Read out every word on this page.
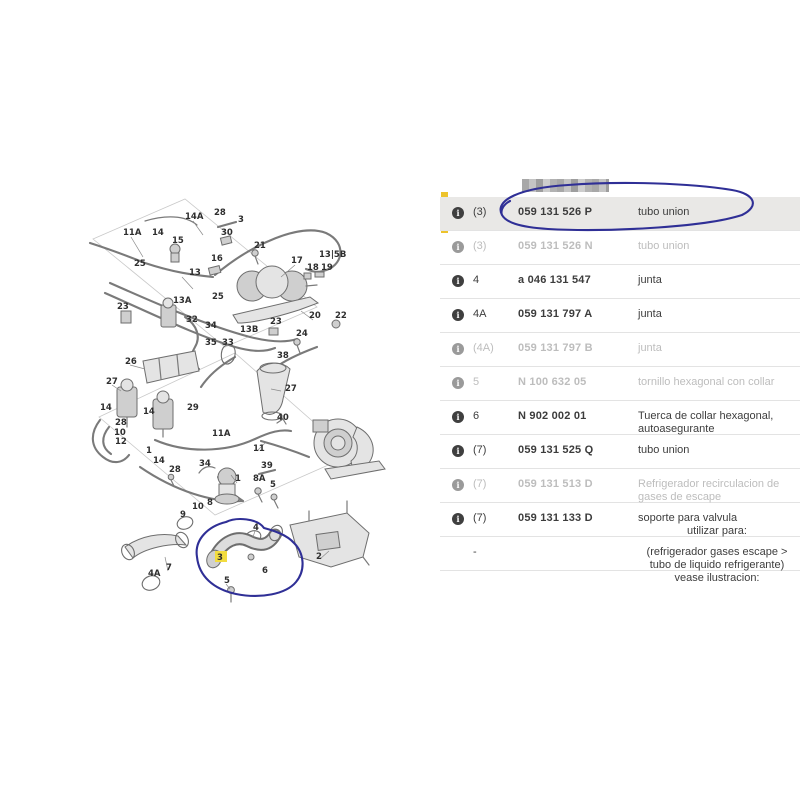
14A 28
3
11A 14
15
30
21
25	16
13
17
13|5B
18 19
25
13A
23
32
34	13B
20 22
23
24
35 33
38
26
27
27
14	29
14
28
10
12
40
11A
11
1
14	34
28	39
1 8A
5
10 8
9
4
7
4A
3
6
5
2
i	(3)	059 131 526 P	tubo union
i	(3)	059 131 526 N	tubo union
i	4	a 046 131 547	junta
i	4A	059 131 797 A	junta
i	(4A)	059 131 797 B	junta
i	5	N 100 632 05	tornillo hexagonal con collar
i	6	N 902 002 01	Tuerca de collar hexagonal,
autoasegurante
i	(7)	059 131 525 Q	tubo union
i	(7)	059 131 513 D	Refrigerador recirculacion de
gases de escape
i	(7)	059 131 133 D	soporte para valvula
utilizar para:
-	(refrigerador gases escape >
tubo de liquido refrigerante)
vease ilustracion:
